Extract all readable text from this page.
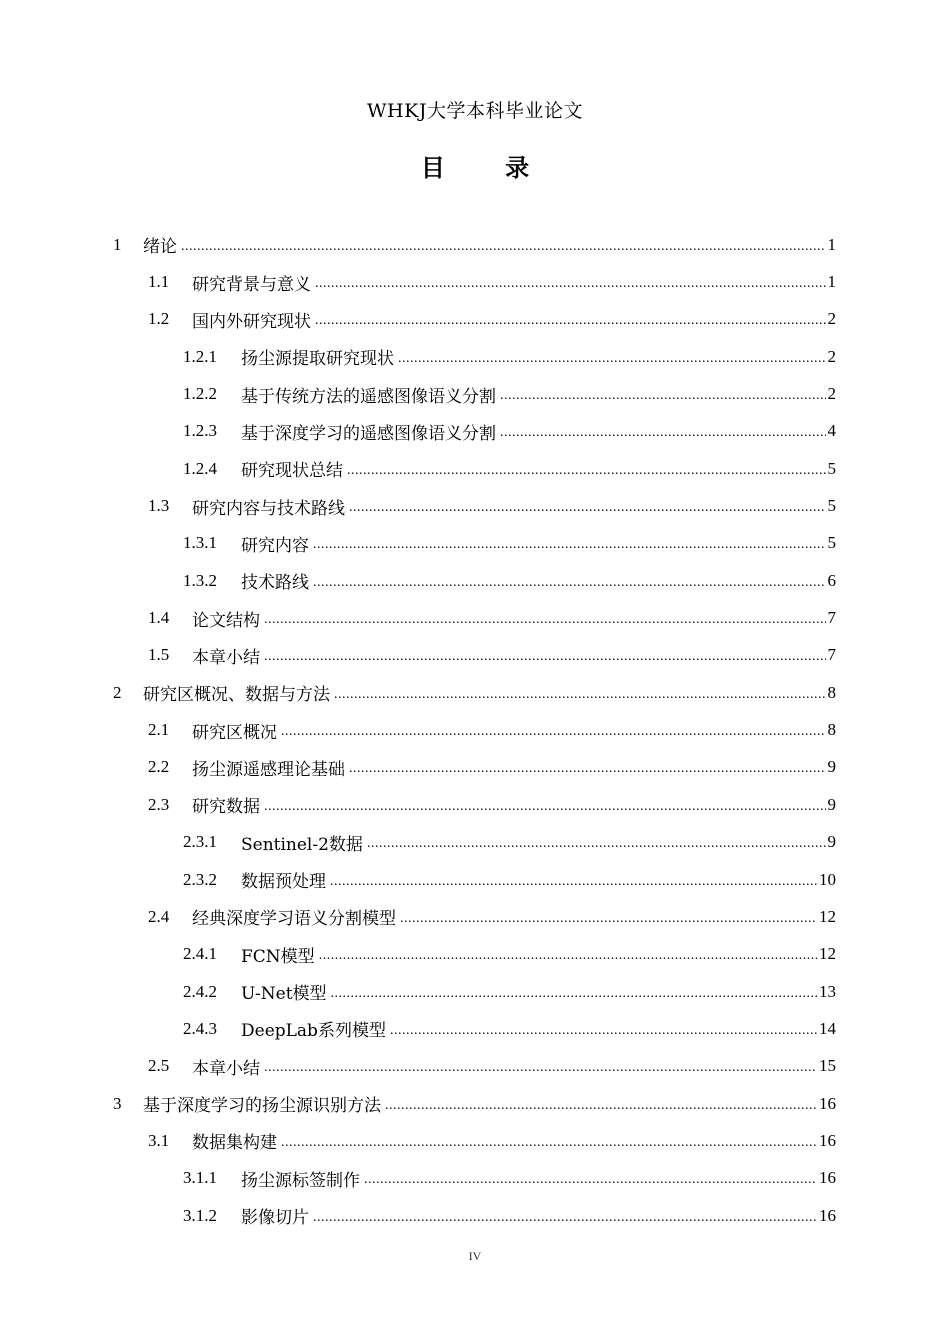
WHKJ大学本科毕业论文
目 录
1	绪论 .....	1
1.1	研究背景与意义 .....	1
1.2	国内外研究现状 .....	2
1.2.1	扬尘源提取研究现状 .....	2
1.2.2	基于传统方法的遥感图像语义分割 .....	2
1.2.3	基于深度学习的遥感图像语义分割 .....	4
1.2.4	研究现状总结 .....	5
1.3	研究内容与技术路线 .....	5
1.3.1	研究内容 .....	5
1.3.2	技术路线 .....	6
1.4	论文结构 .....	7
1.5	本章小结 .....	7
2	研究区概况、数据与方法 .....	8
2.1	研究区概况 .....	8
2.2	扬尘源遥感理论基础 .....	9
2.3	研究数据 .....	9
2.3.1	Sentinel-2数据 .....	9
2.3.2	数据预处理 .....	10
2.4	经典深度学习语义分割模型 .....	12
2.4.1	FCN模型 .....	12
2.4.2	U-Net模型 .....	13
2.4.3	DeepLab系列模型 .....	14
2.5	本章小结 .....	15
3	基于深度学习的扬尘源识别方法 .....	16
3.1	数据集构建 .....	16
3.1.1	扬尘源标签制作 .....	16
3.1.2	影像切片 .....	16
IV
